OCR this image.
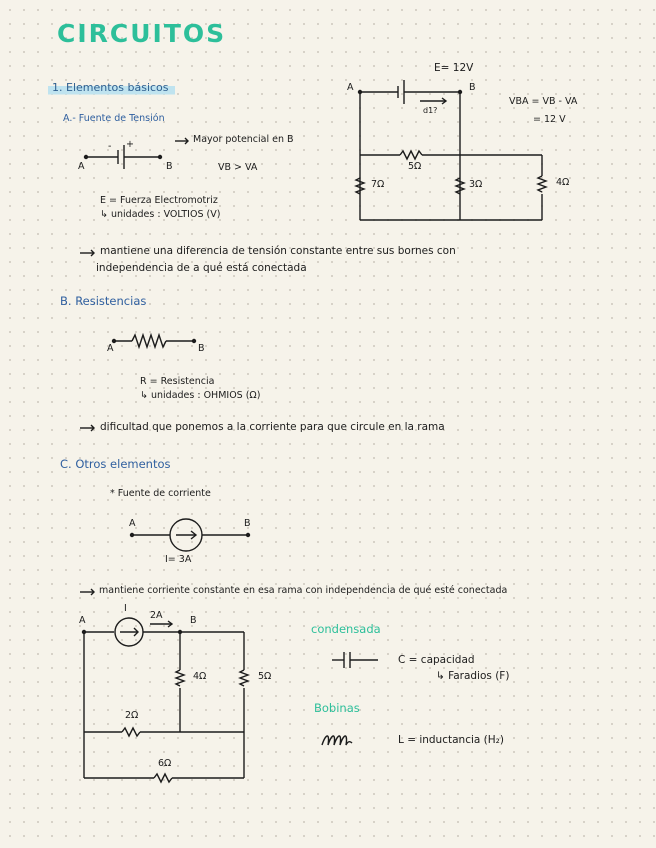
CIRCUITOS
1. Elementos básicos
A.- Fuente de Tensión
A	B
- +	Mayor potencial en B
VB > VA
E = Fuerza Electromotriz
↳ unidades : VOLTIOS (V)
mantiene una diferencia de tensión constante entre sus bornes con
independencia de a qué está conectada
E= 12V
A	B
d1?
VBA = VB - VA
= 12 V
5Ω
7Ω	3Ω	4Ω
B. Resistencias
A	B
R = Resistencia
↳ unidades : OHMIOS (Ω)
dificultad que ponemos a la corriente para que circule en la rama
C. Otros elementos
* Fuente de corriente
A	B
I= 3A
mantiene corriente constante en esa rama con independencia de qué esté conectada
A	B
I
2A
4Ω	5Ω
2Ω
6Ω
condensada
C = capacidad
↳ Faradios (F)
Bobinas
L = inductancia (H₂)
